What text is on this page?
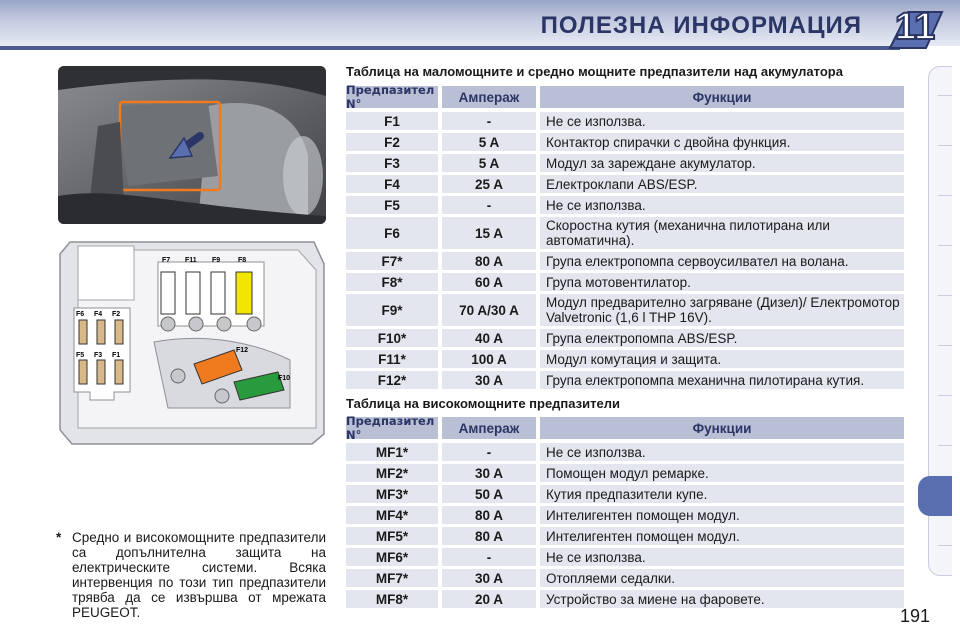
ПОЛЕЗНА ИНФОРМАЦИЯ 11
F7 F11 F9	F8
F6 F4 F2
F5 F3 F1
F12
F10
* Средно и високомощните предпазители са допълнителна защита на електрическите системи. Всяка интервенция по този тип предпазители трявба да се извършва от мрежата PEUGEOT.
Таблица на маломощните и средно мощните предпазители над акумулатора
Предпазител N°	Ампераж	Функции
F1	-	Не се използва.
F2	5 A	Контактор спирачки с двойна функция.
F3	5 A	Модул за зареждане акумулатор.
F4	25 A	Електроклапи ABS/ESP.
F5	-	Не се използва.
F6	15 A	Скоростна кутия (механична пилотирана или автоматична).
F7*	80 A	Група електропомпа сервоусилвател на волана.
F8*	60 A	Група мотовентилатор.
F9*	70 A/30 A	Модул предварително загряване (Дизел)/ Електромотор Valvetronic (1,6 l THP 16V).
F10*	40 A	Група електропомпа ABS/ESP.
F11*	100 A	Модул комутация и защита.
F12*	30 A	Група електропомпа механична пилотирана кутия.
Таблица на високомощните предпазители
Предпазител N°	Ампераж	Функции
MF1*	-	Не се използва.
MF2*	30 A	Помощен модул ремарке.
MF3*	50 A	Кутия предпазители купе.
MF4*	80 A	Интелигентен помощен модул.
MF5*	80 A	Интелигентен помощен модул.
MF6*	-	Не се използва.
MF7*	30 A	Отопляеми седалки.
MF8*	20 A	Устройство за миене на фаровете.
191
